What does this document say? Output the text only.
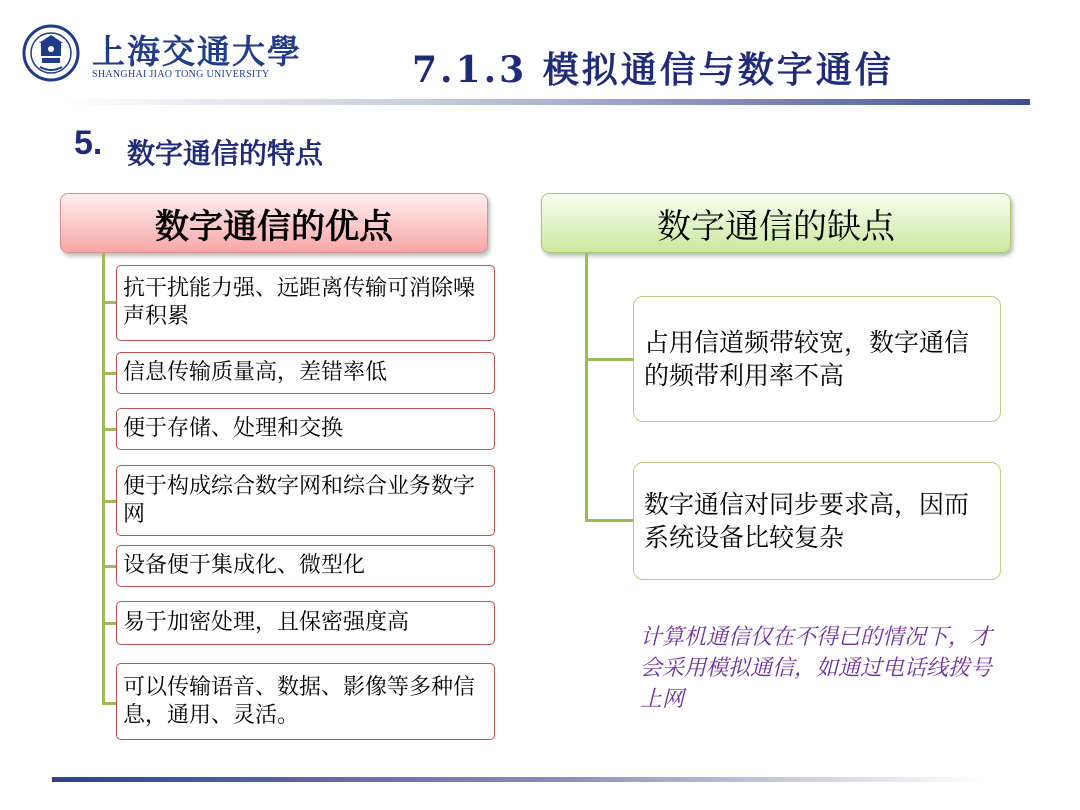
上海交通大學
SHANGHAI JIAO TONG UNIVERSITY	7.1.3 模拟通信与数字通信
5. 数字通信的特点
数字通信的优点
抗干扰能力强、远距离传输可消除噪声积累
信息传输质量高，差错率低
便于存储、处理和交换
便于构成综合数字网和综合业务数字网
设备便于集成化、微型化
易于加密处理，且保密强度高
可以传输语音、数据、影像等多种信息，通用、灵活。
数字通信的缺点
占用信道频带较宽，数字通信的频带利用率不高
数字通信对同步要求高，因而系统设备比较复杂
计算机通信仅在不得已的情况下，才会采用模拟通信，如通过电话线拨号上网
